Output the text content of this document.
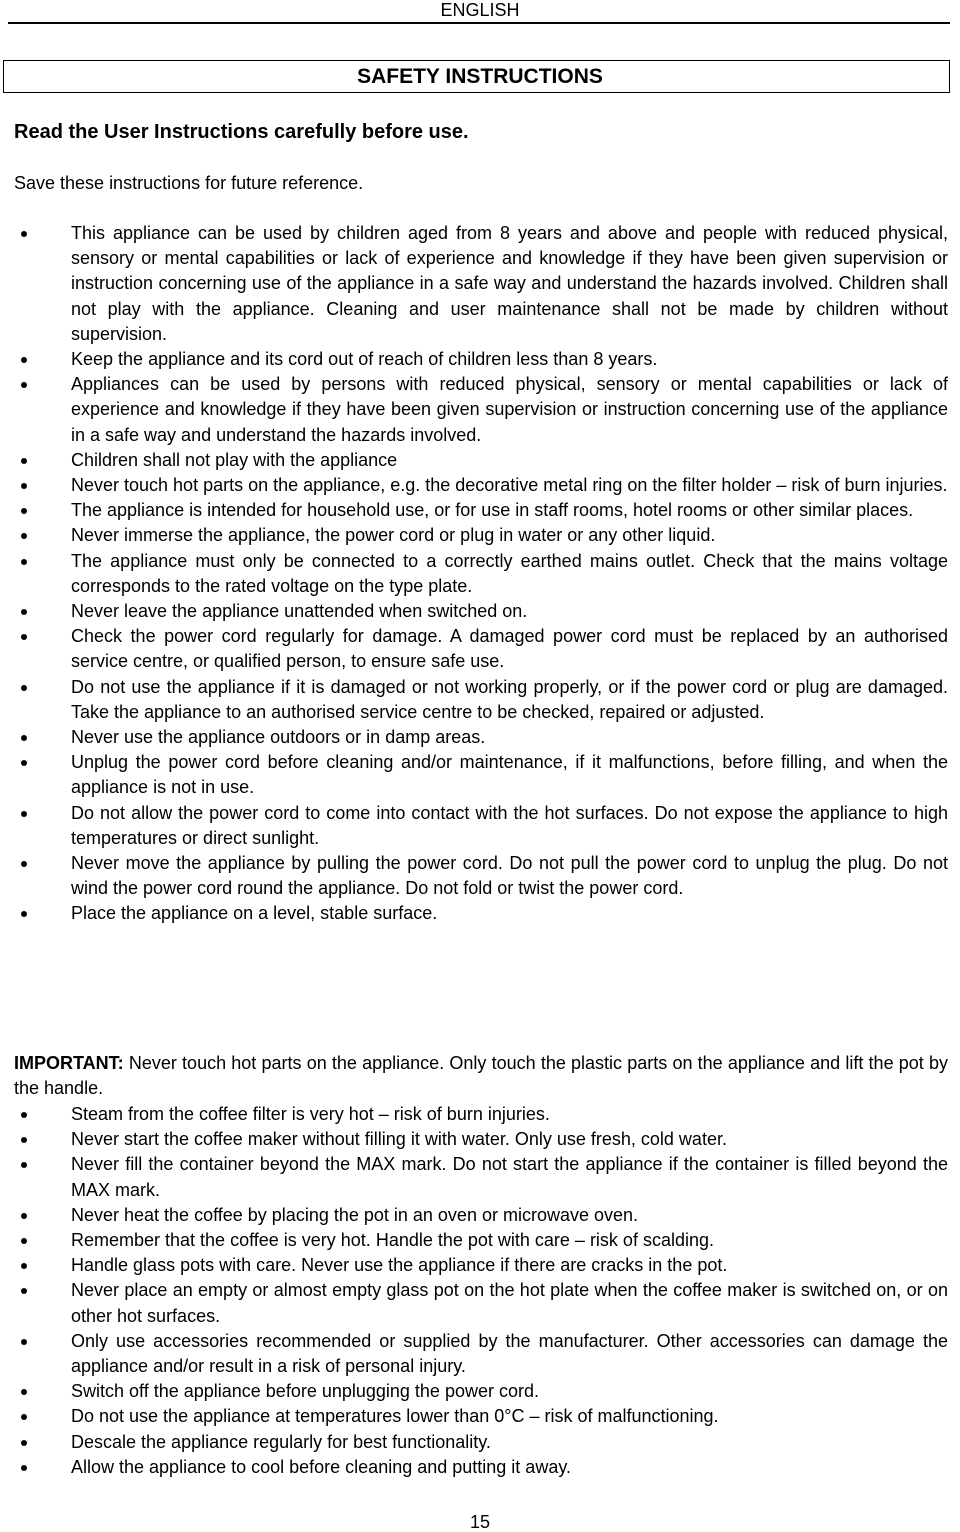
ENGLISH
SAFETY INSTRUCTIONS
Read the User Instructions carefully before use.
Save these instructions for future reference.
This appliance can be used by children aged from 8 years and above and people with reduced physical, sensory or mental capabilities or lack of experience and knowledge if they have been given supervision or instruction concerning use of the appliance in a safe way and understand the hazards involved. Children shall not play with the appliance. Cleaning and user maintenance shall not be made by children without supervision.
Keep the appliance and its cord out of reach of children less than 8 years.
Appliances can be used by persons with reduced physical, sensory or mental capabilities or lack of experience and knowledge if they have been given supervision or instruction concerning use of the appliance in a safe way and understand the hazards involved.
Children shall not play with the appliance
Never touch hot parts on the appliance, e.g. the decorative metal ring on the filter holder – risk of burn injuries.
The appliance is intended for household use, or for use in staff rooms, hotel rooms or other similar places.
Never immerse the appliance, the power cord or plug in water or any other liquid.
The appliance must only be connected to a correctly earthed mains outlet. Check that the mains voltage corresponds to the rated voltage on the type plate.
Never leave the appliance unattended when switched on.
Check the power cord regularly for damage. A damaged power cord must be replaced by an authorised service centre, or qualified person, to ensure safe use.
Do not use the appliance if it is damaged or not working properly, or if the power cord or plug are damaged. Take the appliance to an authorised service centre to be checked, repaired or adjusted.
Never use the appliance outdoors or in damp areas.
Unplug the power cord before cleaning and/or maintenance, if it malfunctions, before filling, and when the appliance is not in use.
Do not allow the power cord to come into contact with the hot surfaces. Do not expose the appliance to high temperatures or direct sunlight.
Never move the appliance by pulling the power cord. Do not pull the power cord to unplug the plug. Do not wind the power cord round the appliance. Do not fold or twist the power cord.
Place the appliance on a level, stable surface.
IMPORTANT: Never touch hot parts on the appliance. Only touch the plastic parts on the appliance and lift the pot by the handle.
Steam from the coffee filter is very hot – risk of burn injuries.
Never start the coffee maker without filling it with water. Only use fresh, cold water.
Never fill the container beyond the MAX mark. Do not start the appliance if the container is filled beyond the MAX mark.
Never heat the coffee by placing the pot in an oven or microwave oven.
Remember that the coffee is very hot. Handle the pot with care – risk of scalding.
Handle glass pots with care. Never use the appliance if there are cracks in the pot.
Never place an empty or almost empty glass pot on the hot plate when the coffee maker is switched on, or on other hot surfaces.
Only use accessories recommended or supplied by the manufacturer. Other accessories can damage the appliance and/or result in a risk of personal injury.
Switch off the appliance before unplugging the power cord.
Do not use the appliance at temperatures lower than 0°C – risk of malfunctioning.
Descale the appliance regularly for best functionality.
Allow the appliance to cool before cleaning and putting it away.
15
